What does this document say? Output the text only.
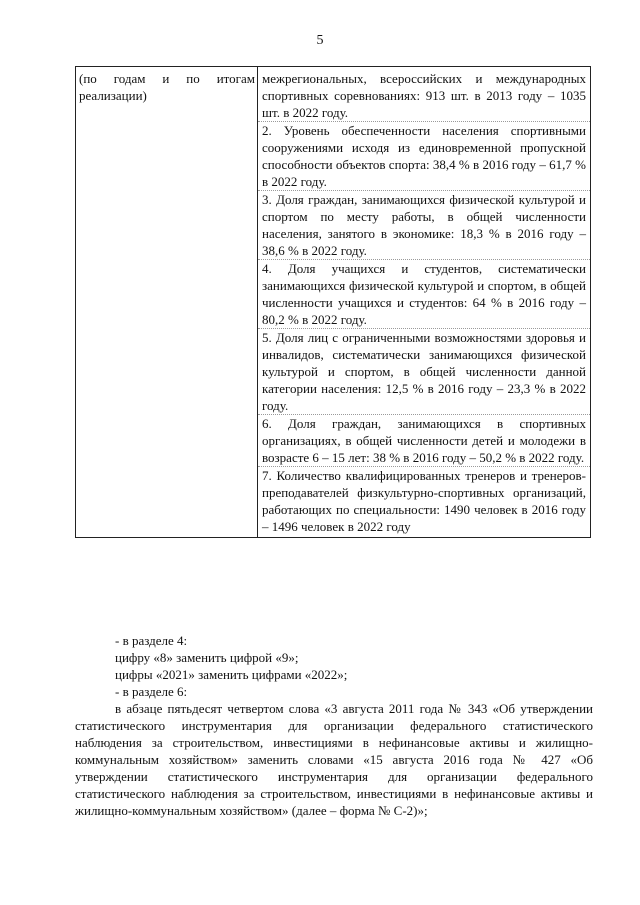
5
(по годам и по итогам реализации)

межрегиональных, всероссийских и международных спортивных соревнованиях: 913 шт. в 2013 году – 1035 шт. в 2022 году.
2. Уровень обеспеченности населения спортивными сооружениями исходя из единовременной пропускной способности объектов спорта: 38,4 % в 2016 году – 61,7 % в 2022 году.
3. Доля граждан, занимающихся физической культурой и спортом по месту работы, в общей численности населения, занятого в экономике: 18,3 % в 2016 году – 38,6 % в 2022 году.
4. Доля учащихся и студентов, систематически занимающихся физической культурой и спортом, в общей численности учащихся и студентов: 64 % в 2016 году – 80,2 % в 2022 году.
5. Доля лиц с ограниченными возможностями здоровья и инвалидов, систематически занимающихся физической культурой и спортом, в общей численности данной категории населения: 12,5 % в 2016 году – 23,3 % в 2022 году.
6. Доля граждан, занимающихся в спортивных организациях, в общей численности детей и молодежи в возрасте 6 – 15 лет: 38 % в 2016 году – 50,2 % в 2022 году.
7. Количество квалифицированных тренеров и тренеров-преподавателей физкультурно-спортивных организаций, работающих по специальности: 1490 человек в 2016 году – 1496 человек в 2022 году

- в разделе 4:

цифру «8» заменить цифрой «9»;

цифры «2021» заменить цифрами «2022»;

- в разделе 6:

в абзаце пятьдесят четвертом слова «3 августа 2011 года № 343 «Об утверждении статистического инструментария для организации федерального статистического наблюдения за строительством, инвестициями в нефинансовые активы и жилищно-коммунальным хозяйством» заменить словами «15 августа 2016 года № 427 «Об утверждении статистического инструментария для организации федерального статистического наблюдения за строительством, инвестициями в нефинансовые активы и жилищно-коммунальным хозяйством» (далее – форма № С-2)»;
